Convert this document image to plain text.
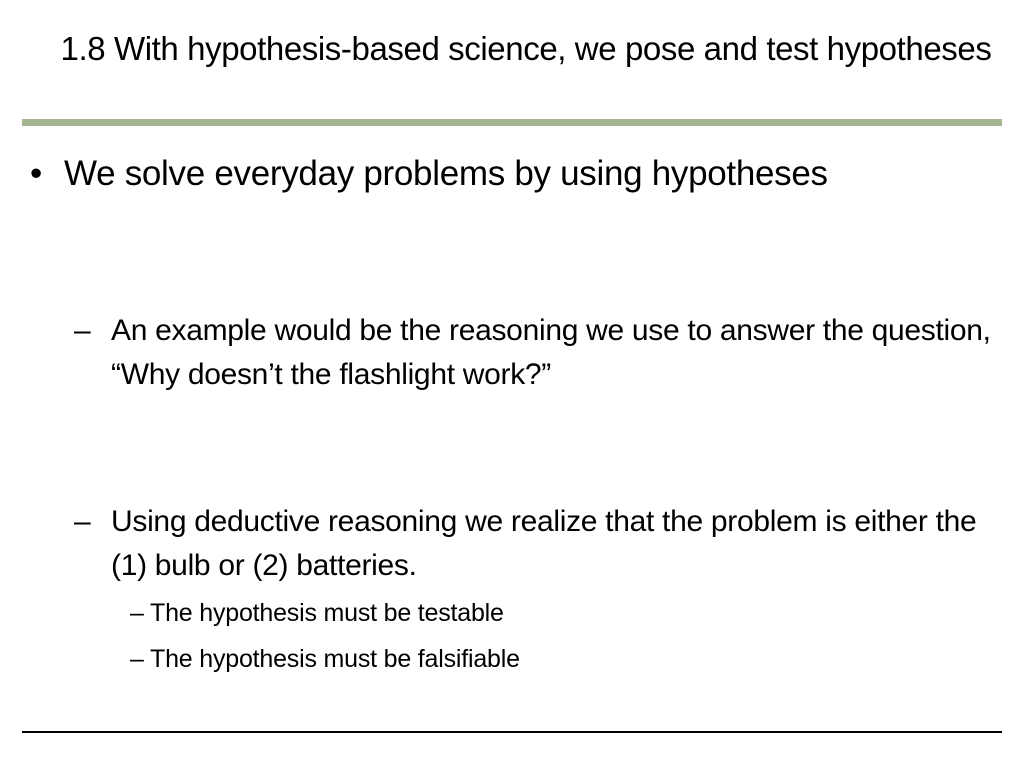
1.8 With hypothesis-based science, we pose and test hypotheses
• We solve everyday problems by using hypotheses
– An example would be the reasoning we use to answer the question, “Why doesn’t the flashlight work?”
– Using deductive reasoning we realize that the problem is either the (1) bulb or (2) batteries.
– The hypothesis must be testable
– The hypothesis must be falsifiable
